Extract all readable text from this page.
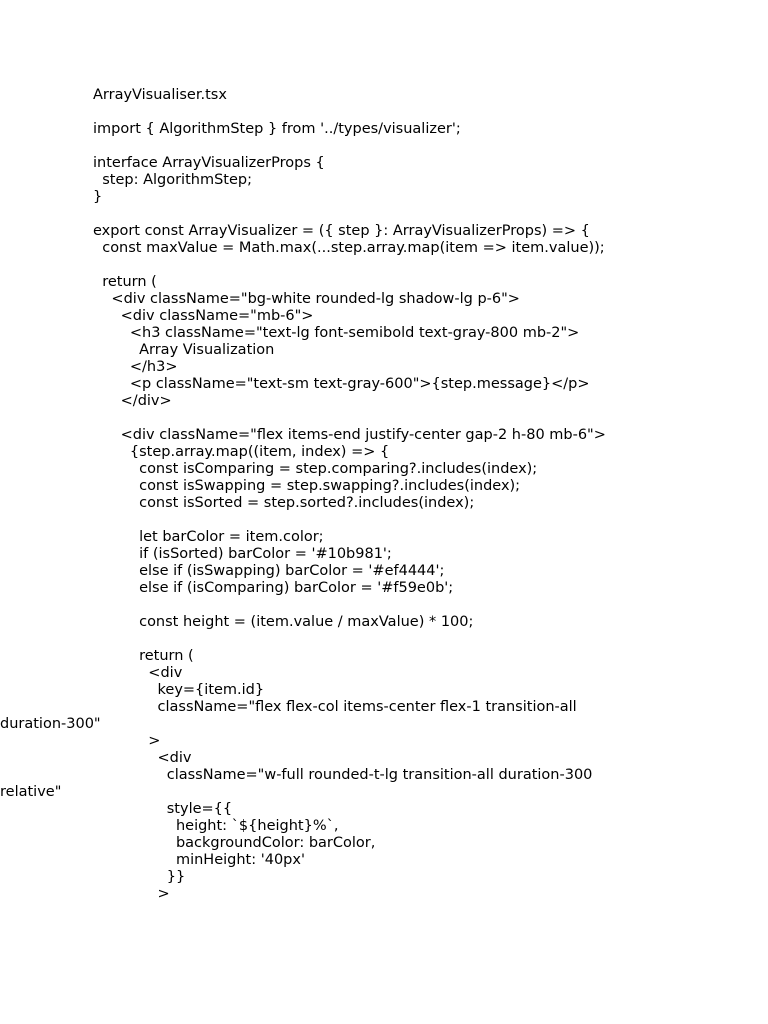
ArrayVisualiser.tsx
import { AlgorithmStep } from '../types/visualizer';
interface ArrayVisualizerProps {
step: AlgorithmStep;
}
export const ArrayVisualizer = ({ step }: ArrayVisualizerProps) => {
const maxValue = Math.max(...step.array.map(item => item.value));
return (
<div className="bg-white rounded-lg shadow-lg p-6">
<div className="mb-6">
<h3 className="text-lg font-semibold text-gray-800 mb-2">
Array Visualization
</h3>
<p className="text-sm text-gray-600">{step.message}</p>
</div>
<div className="flex items-end justify-center gap-2 h-80 mb-6">
{step.array.map((item, index) => {
const isComparing = step.comparing?.includes(index);
const isSwapping = step.swapping?.includes(index);
const isSorted = step.sorted?.includes(index);
let barColor = item.color;
if (isSorted) barColor = '#10b981';
else if (isSwapping) barColor = '#ef4444';
else if (isComparing) barColor = '#f59e0b';
const height = (item.value / maxValue) * 100;
return (
<div
key={item.id}
className="flex flex-col items-center flex-1 transition-all
duration-300"
>
<div
className="w-full rounded-t-lg transition-all duration-300
relative"
style={{
height: `${height}%`,
backgroundColor: barColor,
minHeight: '40px'
}}
>
